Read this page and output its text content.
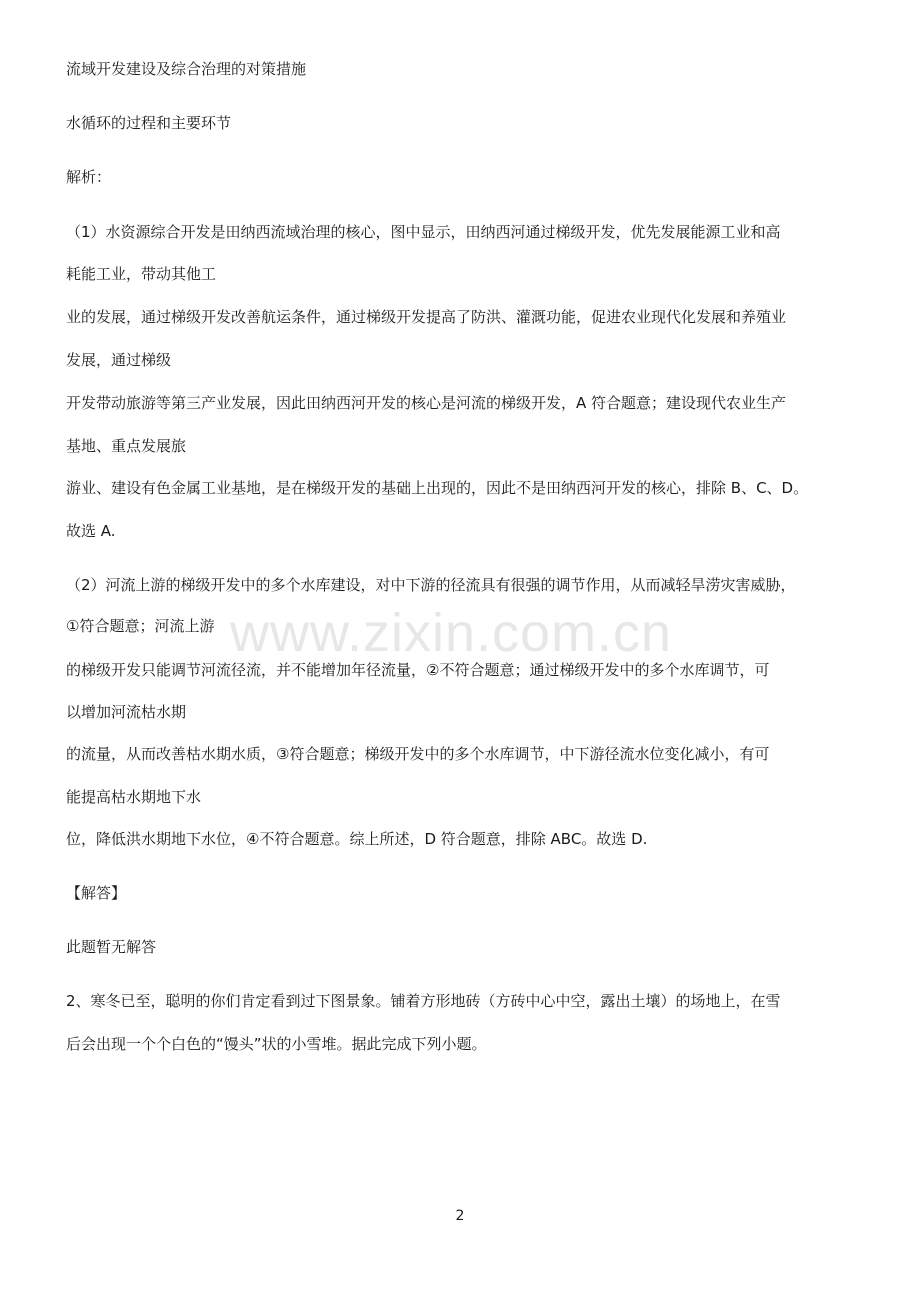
www.zixin.com.cn
流域开发建设及综合治理的对策措施
水循环的过程和主要环节
解析：
（1）水资源综合开发是田纳西流域治理的核心，图中显示，田纳西河通过梯级开发，优先发展能源工业和高
耗能工业，带动其他工
业的发展，通过梯级开发改善航运条件，通过梯级开发提高了防洪、灌溉功能，促进农业现代化发展和养殖业
发展，通过梯级
开发带动旅游等第三产业发展，因此田纳西河开发的核心是河流的梯级开发，A 符合题意；建设现代农业生产
基地、重点发展旅
游业、建设有色金属工业基地，是在梯级开发的基础上出现的，因此不是田纳西河开发的核心，排除 B、C、D。
故选 A.
（2）河流上游的梯级开发中的多个水库建设，对中下游的径流具有很强的调节作用，从而减轻旱涝灾害威胁，
①符合题意；河流上游
的梯级开发只能调节河流径流，并不能增加年径流量，②不符合题意；通过梯级开发中的多个水库调节，可
以增加河流枯水期
的流量，从而改善枯水期水质，③符合题意；梯级开发中的多个水库调节，中下游径流水位变化减小，有可
能提高枯水期地下水
位，降低洪水期地下水位，④不符合题意。综上所述，D 符合题意，排除 ABC。故选 D.
【解答】
此题暂无解答
2、寒冬已至，聪明的你们肯定看到过下图景象。铺着方形地砖（方砖中心中空，露出土壤）的场地上，在雪
后会出现一个个白色的“馒头”状的小雪堆。据此完成下列小题。
2
